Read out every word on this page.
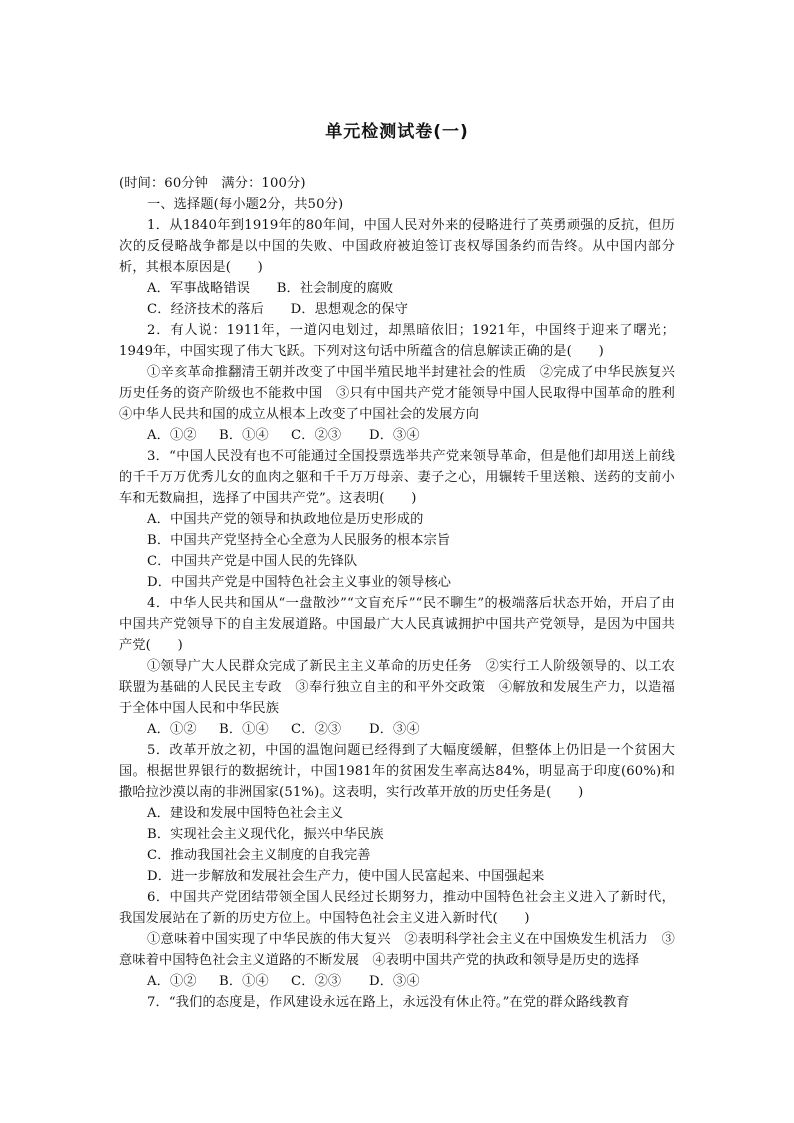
单元检测试卷(一)

(时间：60分钟　满分：100分)

一、选择题(每小题2分，共50分)

1．从1840年到1919年的80年间，中国人民对外来的侵略进行了英勇顽强的反抗，但历次的反侵略战争都是以中国的失败、中国政府被迫签订丧权辱国条约而告终。从中国内部分析，其根本原因是(　　)

A．军事战略错误　　B．社会制度的腐败

C．经济技术的落后　　D．思想观念的保守

2．有人说：1911年，一道闪电划过，却黑暗依旧；1921年，中国终于迎来了曙光；1949年，中国实现了伟大飞跃。下列对这句话中所蕴含的信息解读正确的是(　　)

①辛亥革命推翻清王朝并改变了中国半殖民地半封建社会的性质　②完成了中华民族复兴历史任务的资产阶级也不能救中国　③只有中国共产党才能领导中国人民取得中国革命的胜利　④中华人民共和国的成立从根本上改变了中国社会的发展方向

A．①② B．①④ C．②③ D．③④

3．“中国人民没有也不可能通过全国投票选举共产党来领导革命，但是他们却用送上前线的千千万万优秀儿女的血肉之躯和千千万万母亲、妻子之心，用辗转千里送粮、送药的支前小车和无数扁担，选择了中国共产党”。这表明(　　)

A．中国共产党的领导和执政地位是历史形成的

B．中国共产党坚持全心全意为人民服务的根本宗旨

C．中国共产党是中国人民的先锋队

D．中国共产党是中国特色社会主义事业的领导核心

4．中华人民共和国从“一盘散沙”“文盲充斥”“民不聊生”的极端落后状态开始，开启了由中国共产党领导下的自主发展道路。中国最广大人民真诚拥护中国共产党领导，是因为中国共产党(　　)

①领导广大人民群众完成了新民主主义革命的历史任务　②实行工人阶级领导的、以工农联盟为基础的人民民主专政　③奉行独立自主的和平外交政策　④解放和发展生产力，以造福于全体中国人民和中华民族

A．①② B．①④ C．②③ D．③④

5．改革开放之初，中国的温饱问题已经得到了大幅度缓解，但整体上仍旧是一个贫困大国。根据世界银行的数据统计，中国1981年的贫困发生率高达84%，明显高于印度(60%)和撒哈拉沙漠以南的非洲国家(51%)。这表明，实行改革开放的历史任务是(　　)

A．建设和发展中国特色社会主义

B．实现社会主义现代化，振兴中华民族

C．推动我国社会主义制度的自我完善

D．进一步解放和发展社会生产力，使中国人民富起来、中国强起来

6．中国共产党团结带领全国人民经过长期努力，推动中国特色社会主义进入了新时代，我国发展站在了新的历史方位上。中国特色社会主义进入新时代(　　)

①意味着中国实现了中华民族的伟大复兴　②表明科学社会主义在中国焕发生机活力　③意味着中国特色社会主义道路的不断发展　④表明中国共产党的执政和领导是历史的选择

A．①② B．①④ C．②③ D．③④

7．“我们的态度是，作风建设永远在路上，永远没有休止符。”在党的群众路线教育
